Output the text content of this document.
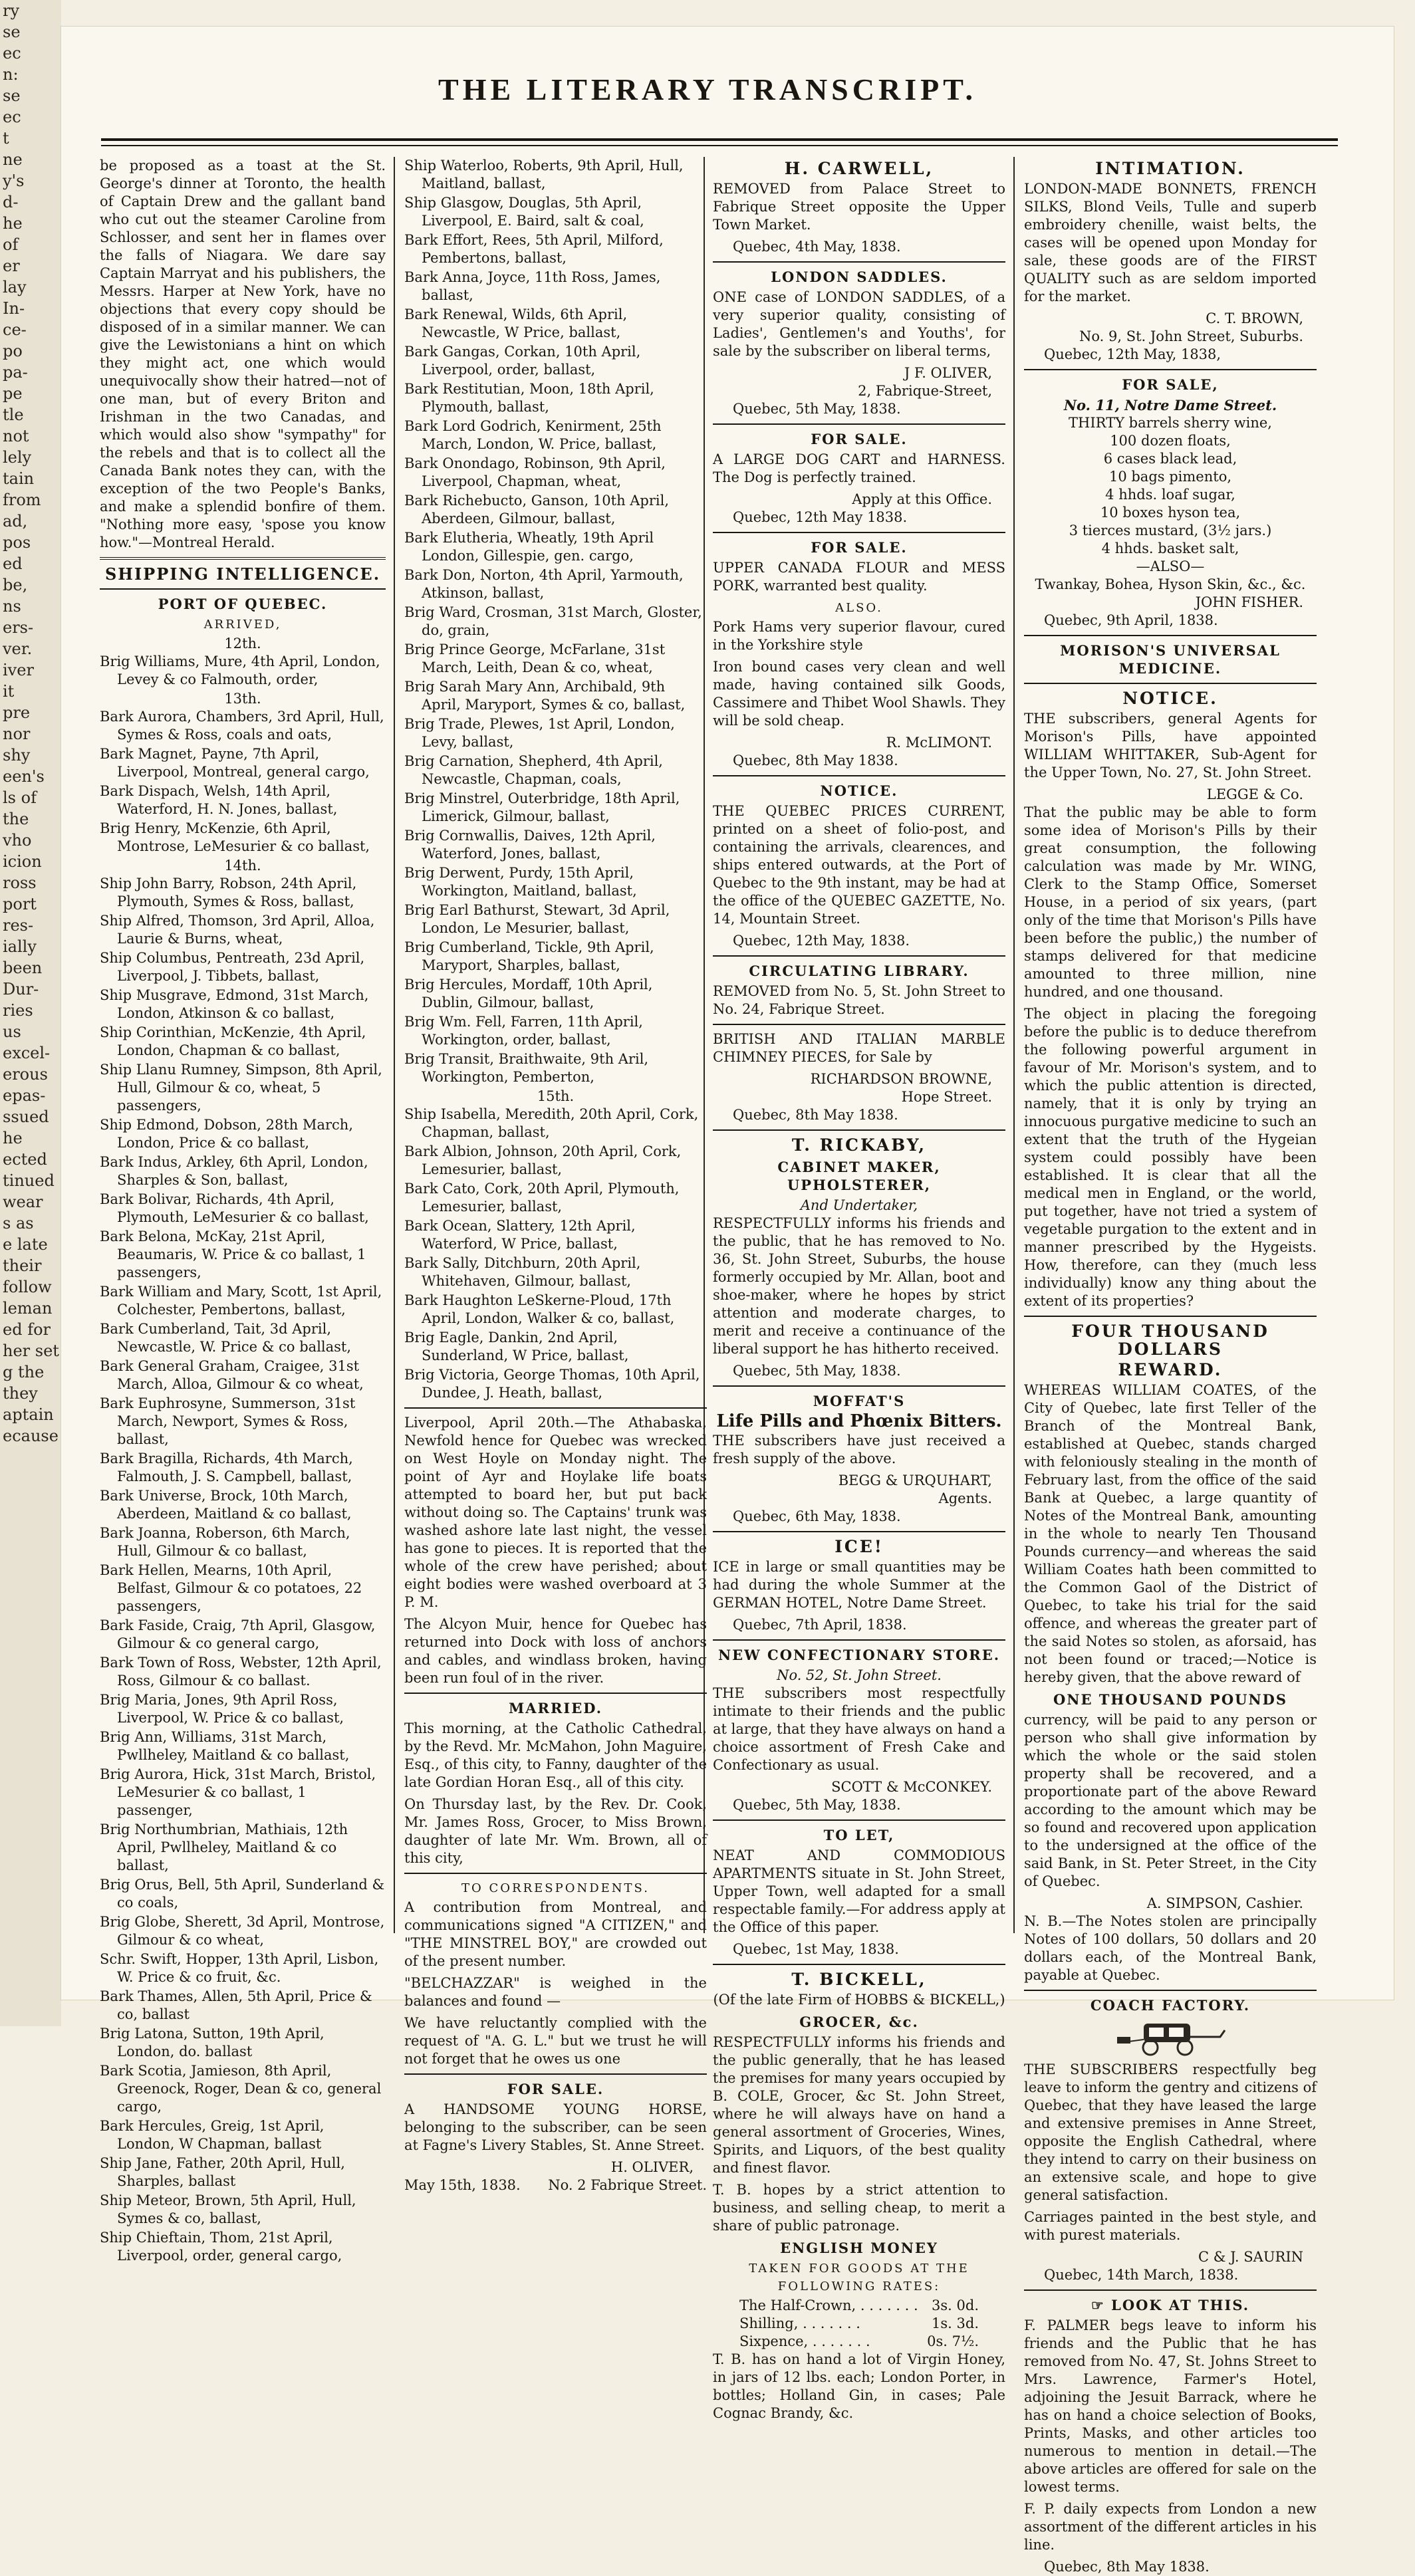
ry
se
ec
n:
se
ec
t
ne
y's
d-
he
of
er
lay
In-
ce-
po
pa-
pe
tle
not
lely
tain
from
ad,
pos
ed
be,
ns
ers-
ver.
iver
it
pre
nor
shy
een's
ls of
the
vho
icion
ross
port
res-
ially
been
Dur-
ries
us
excel-
erous
epas-
ssued
he
ected
tinued
wear
s as
e late
their
follow
leman
ed for
her set
g the
they
aptain
ecause
THE LITERARY TRANSCRIPT.

be proposed as a toast at the St. George's dinner at Toronto, the health of Captain Drew and the gallant band who cut out the steamer Caroline from Schlosser, and sent her in flames over the falls of Niagara. We dare say Captain Marryat and his publishers, the Messrs. Harper at New York, have no objections that every copy should be disposed of in a similar manner. We can give the Lewistonians a hint on which they might act, one which would unequivocally show their hatred—not of one man, but of every Briton and Irishman in the two Canadas, and which would also show "sympathy" for the rebels and that is to collect all the Canada Bank notes they can, with the exception of the two People's Banks, and make a splendid bonfire of them. "Nothing more easy, 'spose you know how."—Montreal Herald.

SHIPPING INTELLIGENCE.
PORT OF QUEBEC.
ARRIVED,
12th.
Brig Williams, Mure, 4th April, London, Levey & co Falmouth, order,
13th.
Bark Aurora, Chambers, 3rd April, Hull, Symes & Ross, coals and oats,
Bark Magnet, Payne, 7th April, Liverpool, Montreal, general cargo,
Bark Dispach, Welsh, 14th April, Waterford, H. N. Jones, ballast,
Brig Henry, McKenzie, 6th April, Montrose, LeMesurier & co ballast,
14th.
Ship John Barry, Robson, 24th April, Plymouth, Symes & Ross, ballast,
Ship Alfred, Thomson, 3rd April, Alloa, Laurie & Burns, wheat,
Ship Columbus, Pentreath, 23d April, Liverpool, J. Tibbets, ballast,
Ship Musgrave, Edmond, 31st March, London, Atkinson & co ballast,
Ship Corinthian, McKenzie, 4th April, London, Chapman & co ballast,
Ship Llanu Rumney, Simpson, 8th April, Hull, Gilmour & co, wheat, 5 passengers,
Ship Edmond, Dobson, 28th March, London, Price & co ballast,
Bark Indus, Arkley, 6th April, London, Sharples & Son, ballast,
Bark Bolivar, Richards, 4th April, Plymouth, LeMesurier & co ballast,
Bark Belona, McKay, 21st April, Beaumaris, W. Price & co ballast, 1 passengers,
Bark William and Mary, Scott, 1st April, Colchester, Pembertons, ballast,
Bark Cumberland, Tait, 3d April, Newcastle, W. Price & co ballast,
Bark General Graham, Craigee, 31st March, Alloa, Gilmour & co wheat,
Bark Euphrosyne, Summerson, 31st March, Newport, Symes & Ross, ballast,
Bark Bragilla, Richards, 4th March, Falmouth, J. S. Campbell, ballast,
Bark Universe, Brock, 10th March, Aberdeen, Maitland & co ballast,
Bark Joanna, Roberson, 6th March, Hull, Gilmour & co ballast,
Bark Hellen, Mearns, 10th April, Belfast, Gilmour & co potatoes, 22 passengers,
Bark Faside, Craig, 7th April, Glasgow, Gilmour & co general cargo,
Bark Town of Ross, Webster, 12th April, Ross, Gilmour & co ballast.
Brig Maria, Jones, 9th April Ross, Liverpool, W. Price & co ballast,
Brig Ann, Williams, 31st March, Pwllheley, Maitland & co ballast,
Brig Aurora, Hick, 31st March, Bristol, LeMesurier & co ballast, 1 passenger,
Brig Northumbrian, Mathiais, 12th April, Pwllheley, Maitland & co ballast,
Brig Orus, Bell, 5th April, Sunderland & co coals,
Brig Globe, Sherett, 3d April, Montrose, Gilmour & co wheat,
Schr. Swift, Hopper, 13th April, Lisbon, W. Price & co fruit, &c.
Bark Thames, Allen, 5th April, Price & co, ballast
Brig Latona, Sutton, 19th April, London, do. ballast
Bark Scotia, Jamieson, 8th April, Greenock, Roger, Dean & co, general cargo,
Bark Hercules, Greig, 1st April, London, W Chapman, ballast
Ship Jane, Father, 20th April, Hull, Sharples, ballast
Ship Meteor, Brown, 5th April, Hull, Symes & co, ballast,
Ship Chieftain, Thom, 21st April, Liverpool, order, general cargo,
Ship Waterloo, Roberts, 9th April, Hull, Maitland, ballast,
Ship Glasgow, Douglas, 5th April, Liverpool, E. Baird, salt & coal,
Bark Effort, Rees, 5th April, Milford, Pembertons, ballast,
Bark Anna, Joyce, 11th Ross, James, ballast,
Bark Renewal, Wilds, 6th April, Newcastle, W Price, ballast,
Bark Gangas, Corkan, 10th April, Liverpool, order, ballast,
Bark Restitutian, Moon, 18th April, Plymouth, ballast,
Bark Lord Godrich, Kenirment, 25th March, London, W. Price, ballast,
Bark Onondago, Robinson, 9th April, Liverpool, Chapman, wheat,
Bark Richebucto, Ganson, 10th April, Aberdeen, Gilmour, ballast,
Bark Elutheria, Wheatly, 19th April London, Gillespie, gen. cargo,
Bark Don, Norton, 4th April, Yarmouth, Atkinson, ballast,
Brig Ward, Crosman, 31st March, Gloster, do, grain,
Brig Prince George, McFarlane, 31st March, Leith, Dean & co, wheat,
Brig Sarah Mary Ann, Archibald, 9th April, Maryport, Symes & co, ballast,
Brig Trade, Plewes, 1st April, London, Levy, ballast,
Brig Carnation, Shepherd, 4th April, Newcastle, Chapman, coals,
Brig Minstrel, Outerbridge, 18th April, Limerick, Gilmour, ballast,
Brig Cornwallis, Daives, 12th April, Waterford, Jones, ballast,
Brig Derwent, Purdy, 15th April, Workington, Maitland, ballast,
Brig Earl Bathurst, Stewart, 3d April, London, Le Mesurier, ballast,
Brig Cumberland, Tickle, 9th April, Maryport, Sharples, ballast,
Brig Hercules, Mordaff, 10th April, Dublin, Gilmour, ballast,
Brig Wm. Fell, Farren, 11th April, Workington, order, ballast,
Brig Transit, Braithwaite, 9th Aril, Workington, Pemberton,
15th.
Ship Isabella, Meredith, 20th April, Cork, Chapman, ballast,
Bark Albion, Johnson, 20th April, Cork, Lemesurier, ballast,
Bark Cato, Cork, 20th April, Plymouth, Lemesurier, ballast,
Bark Ocean, Slattery, 12th April, Waterford, W Price, ballast,
Bark Sally, Ditchburn, 20th April, Whitehaven, Gilmour, ballast,
Bark Haughton LeSkerne-Ploud, 17th April, London, Walker & co, ballast,
Brig Eagle, Dankin, 2nd April, Sunderland, W Price, ballast,
Brig Victoria, George Thomas, 10th April, Dundee, J. Heath, ballast,

Liverpool, April 20th.—The Athabaska, Newfold hence for Quebec was wrecked on West Hoyle on Monday night. The point of Ayr and Hoylake life boats attempted to board her, but put back without doing so. The Captains' trunk was washed ashore late last night, the vessel has gone to pieces. It is reported that the whole of the crew have perished; about eight bodies were washed overboard at 3 P. M.

The Alcyon Muir, hence for Quebec has returned into Dock with loss of anchors and cables, and windlass broken, having been run foul of in the river.

MARRIED.

This morning, at the Catholic Cathedral, by the Revd. Mr. McMahon, John Maguire, Esq., of this city, to Fanny, daughter of the late Gordian Horan Esq., all of this city.

On Thursday last, by the Rev. Dr. Cook, Mr. James Ross, Grocer, to Miss Brown, daughter of late Mr. Wm. Brown, all of this city,

TO CORRESPONDENTS.

A contribution from Montreal, and communications signed "A CITIZEN," and "THE MINSTREL BOY," are crowded out of the present number.

"BELCHAZZAR" is weighed in the balances and found —

We have reluctantly complied with the request of "A. G. L." but we trust he will not forget that he owes us one

FOR SALE.

A HANDSOME YOUNG HORSE, belonging to the subscriber, can be seen at Fagne's Livery Stables, St. Anne Street.

H. OLIVER,
May 15th, 1838. No. 2 Fabrique Street.
H. CARWELL,

REMOVED from Palace Street to Fabrique Street opposite the Upper Town Market.

Quebec, 4th May, 1838.
LONDON SADDLES.

ONE case of LONDON SADDLES, of a very superior quality, consisting of Ladies', Gentlemen's and Youths', for sale by the subscriber on liberal terms,

J F. OLIVER,
2, Fabrique-Street,
Quebec, 5th May, 1838.
FOR SALE.

A LARGE DOG CART and HARNESS. The Dog is perfectly trained.

Apply at this Office.
Quebec, 12th May 1838.
FOR SALE.

UPPER CANADA FLOUR and MESS PORK, warranted best quality.

ALSO.

Pork Hams very superior flavour, cured in the Yorkshire style

Iron bound cases very clean and well made, having contained silk Goods, Cassimere and Thibet Wool Shawls. They will be sold cheap.

R. McLIMONT.
Quebec, 8th May 1838.
NOTICE.

THE QUEBEC PRICES CURRENT, printed on a sheet of folio-post, and containing the arrivals, clearences, and ships entered outwards, at the Port of Quebec to the 9th instant, may be had at the office of the QUEBEC GAZETTE, No. 14, Mountain Street.

Quebec, 12th May, 1838.
CIRCULATING LIBRARY.

REMOVED from No. 5, St. John Street to No. 24, Fabrique Street.

BRITISH AND ITALIAN MARBLE CHIMNEY PIECES, for Sale by

RICHARDSON BROWNE,
Hope Street.
Quebec, 8th May 1838.
T. RICKABY,
CABINET MAKER, UPHOLSTERER,
And Undertaker,

RESPECTFULLY informs his friends and the public, that he has removed to No. 36, St. John Street, Suburbs, the house formerly occupied by Mr. Allan, boot and shoe-maker, where he hopes by strict attention and moderate charges, to merit and receive a continuance of the liberal support he has hitherto received.

Quebec, 5th May, 1838.
MOFFAT'S
Life Pills and Phœnix Bitters.

THE subscribers have just received a fresh supply of the above.

BEGG & URQUHART,
Agents.
Quebec, 6th May, 1838.
ICE!

ICE in large or small quantities may be had during the whole Summer at the GERMAN HOTEL, Notre Dame Street.

Quebec, 7th April, 1838.
NEW CONFECTIONARY STORE.
No. 52, St. John Street.

THE subscribers most respectfully intimate to their friends and the public at large, that they have always on hand a choice assortment of Fresh Cake and Confectionary as usual.

SCOTT & McCONKEY.
Quebec, 5th May, 1838.
TO LET,

NEAT AND COMMODIOUS APARTMENTS situate in St. John Street, Upper Town, well adapted for a small respectable family.—For address apply at the Office of this paper.

Quebec, 1st May, 1838.
T. BICKELL,
(Of the late Firm of HOBBS & BICKELL,)
GROCER, &c.

RESPECTFULLY informs his friends and the public generally, that he has leased the premises for many years occupied by B. COLE, Grocer, &c St. John Street, where he will always have on hand a general assortment of Groceries, Wines, Spirits, and Liquors, of the best quality and finest flavor.

T. B. hopes by a strict attention to business, and selling cheap, to merit a share of public patronage.

ENGLISH MONEY
TAKEN FOR GOODS AT THE FOLLOWING RATES:
The Half-Crown, . . . . . . . 3s. 0d.
Shilling, . . . . . . .	1s. 3d.
Sixpence, . . . . . . .	0s. 7½.

T. B. has on hand a lot of Virgin Honey, in jars of 12 lbs. each; London Porter, in bottles; Holland Gin, in cases; Pale Cognac Brandy, &c.

INTIMATION.

LONDON-MADE BONNETS, FRENCH SILKS, Blond Veils, Tulle and superb embroidery chenille, waist belts, the cases will be opened upon Monday for sale, these goods are of the FIRST QUALITY such as are seldom imported for the market.

C. T. BROWN,
No. 9, St. John Street, Suburbs.
Quebec, 12th May, 1838,
FOR SALE,
No. 11, Notre Dame Street.
THIRTY barrels sherry wine,
100 dozen floats,
6 cases black lead,
10 bags pimento,
4 hhds. loaf sugar,
10 boxes hyson tea,
3 tierces mustard, (3½ jars.)
4 hhds. basket salt,
—ALSO—
Twankay, Bohea, Hyson Skin, &c., &c.
JOHN FISHER.
Quebec, 9th April, 1838.
MORISON'S UNIVERSAL MEDICINE.
NOTICE.

THE subscribers, general Agents for Morison's Pills, have appointed WILLIAM WHITTAKER, Sub-Agent for the Upper Town, No. 27, St. John Street.

LEGGE & Co.

That the public may be able to form some idea of Morison's Pills by their great consumption, the following calculation was made by Mr. WING, Clerk to the Stamp Office, Somerset House, in a period of six years, (part only of the time that Morison's Pills have been before the public,) the number of stamps delivered for that medicine amounted to three million, nine hundred, and one thousand.

The object in placing the foregoing before the public is to deduce therefrom the following powerful argument in favour of Mr. Morison's system, and to which the public attention is directed, namely, that it is only by trying an innocuous purgative medicine to such an extent that the truth of the Hygeian system could possibly have been established. It is clear that all the medical men in England, or the world, put together, have not tried a system of vegetable purgation to the extent and in manner prescribed by the Hygeists. How, therefore, can they (much less individually) know any thing about the extent of its properties?

FOUR THOUSAND DOLLARS
REWARD.

WHEREAS WILLIAM COATES, of the City of Quebec, late first Teller of the Branch of the Montreal Bank, established at Quebec, stands charged with feloniously stealing in the month of February last, from the office of the said Bank at Quebec, a large quantity of Notes of the Montreal Bank, amounting in the whole to nearly Ten Thousand Pounds currency—and whereas the said William Coates hath been committed to the Common Gaol of the District of Quebec, to take his trial for the said offence, and whereas the greater part of the said Notes so stolen, as aforsaid, has not been found or traced;—Notice is hereby given, that the above reward of

ONE THOUSAND POUNDS

currency, will be paid to any person or person who shall give information by which the whole or the said stolen property shall be recovered, and a proportionate part of the above Reward according to the amount which may be so found and recovered upon application to the undersigned at the office of the said Bank, in St. Peter Street, in the City of Quebec.

A. SIMPSON, Cashier.

N. B.—The Notes stolen are principally Notes of 100 dollars, 50 dollars and 20 dollars each, of the Montreal Bank, payable at Quebec.

COACH FACTORY.

THE SUBSCRIBERS respectfully beg leave to inform the gentry and citizens of Quebec, that they have leased the large and extensive premises in Anne Street, opposite the English Cathedral, where they intend to carry on their business on an extensive scale, and hope to give general satisfaction.

Carriages painted in the best style, and with purest materials.

C & J. SAURIN
Quebec, 14th March, 1838.
☞ LOOK AT THIS.

F. PALMER begs leave to inform his friends and the Public that he has removed from No. 47, St. Johns Street to Mrs. Lawrence, Farmer's Hotel, adjoining the Jesuit Barrack, where he has on hand a choice selection of Books, Prints, Masks, and other articles too numerous to mention in detail.—The above articles are offered for sale on the lowest terms.

F. P. daily expects from London a new assortment of the different articles in his line.

Quebec, 8th May 1838.
